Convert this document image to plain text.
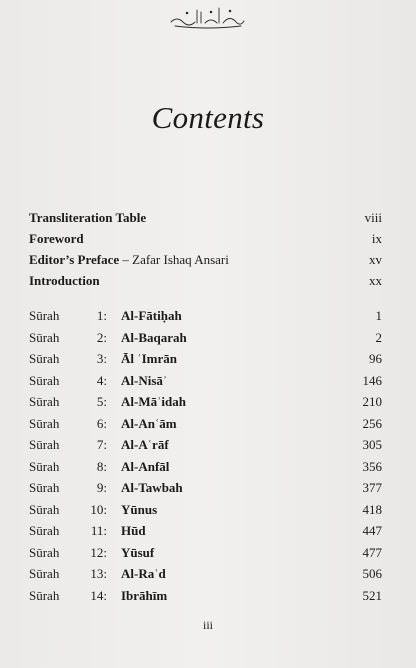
Contents
Transliteration Table	viii
Foreword	ix
Editor’s Preface – Zafar Ishaq Ansari	xv
Introduction	xx
Sūrah	1:	Al-Fātiḥah	1
Sūrah	2:	Al-Baqarah	2
Sūrah	3:	Āl ʿImrān	96
Sūrah	4:	Al-Nisāʾ	146
Sūrah	5:	Al-Māʾidah	210
Sūrah	6:	Al-Anʿām	256
Sūrah	7:	Al-Aʿrāf	305
Sūrah	8:	Al-Anfāl	356
Sūrah	9:	Al-Tawbah	377
Sūrah	10:	Yūnus	418
Sūrah	11:	Hūd	447
Sūrah	12:	Yūsuf	477
Sūrah	13:	Al-Raʿd	506
Sūrah	14:	Ibrāhīm	521
iii
